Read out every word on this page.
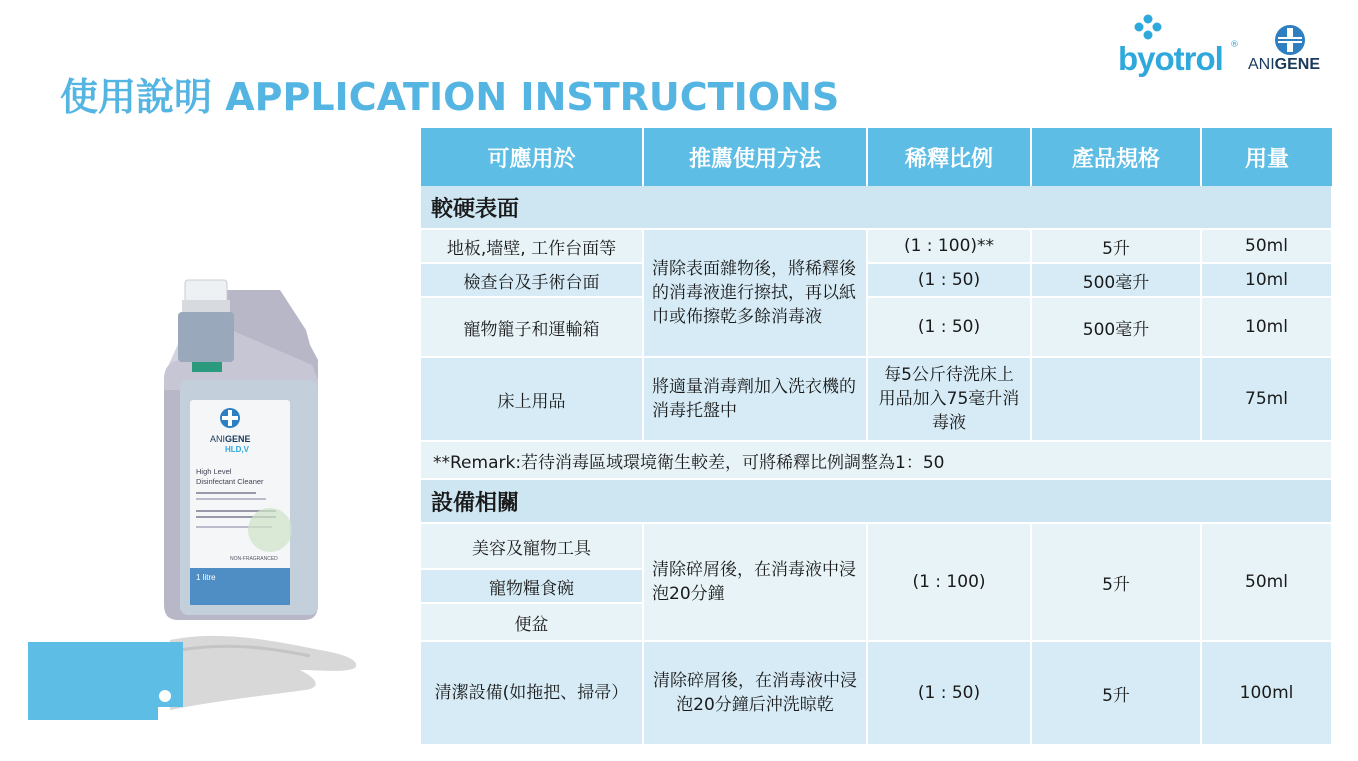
使用說明 APPLICATION INSTRUCTIONS
byotrol ®
ANIGENE
ANIGENE
HLD,V
High Level
Disinfectant Cleaner
NON-FRAGRANCED
1 litre
可應用於	推薦使用方法	稀釋比例	產品規格	用量
較硬表面				
地板,墻壁, 工作台面等	清除表面雜物後，將稀釋後的消毒液進行擦拭，再以紙巾或佈擦乾多餘消毒液	(1 : 100)**	5升	50ml
檢查台及手術台面		(1 : 50)	500毫升	10ml
寵物籠子和運輸箱		(1 : 50)	500毫升	10ml
床上用品	將適量消毒劑加入洗衣機的消毒托盤中	每5公斤待洗床上用品加入75毫升消毒液		75ml
**Remark:若待消毒區域環境衛生較差，可將稀釋比例調整為1：50				
設備相關				
美容及寵物工具	清除碎屑後，在消毒液中浸泡20分鐘	(1 : 100)	5升	50ml
寵物糧食碗				
便盆				
清潔設備(如拖把、掃帚）	清除碎屑後，在消毒液中浸泡20分鐘后沖洗晾乾	(1 : 50)	5升	100ml
